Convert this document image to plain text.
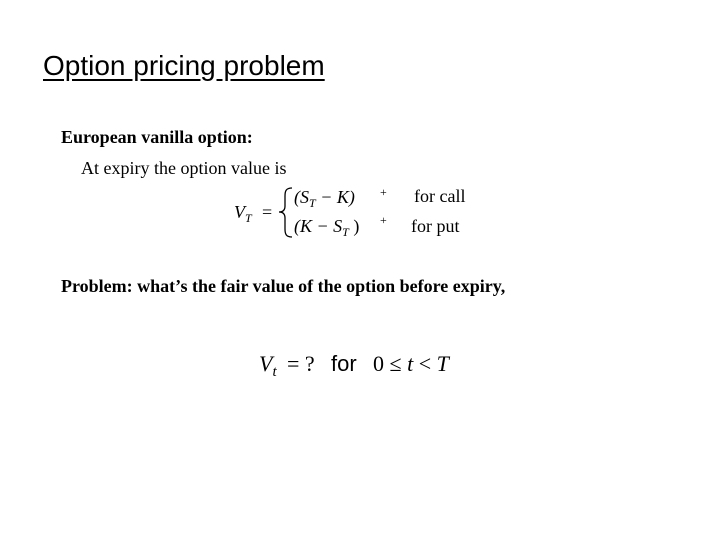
Option pricing problem
European vanilla option:
At expiry the option value is
$V_T$ =
$(S_T - K)$ +
($K - S_T$ ) +
for call
for put
Problem: what’s the fair value of the option before expiry,
$V_t$ = ? for 0 ≤ t < T
